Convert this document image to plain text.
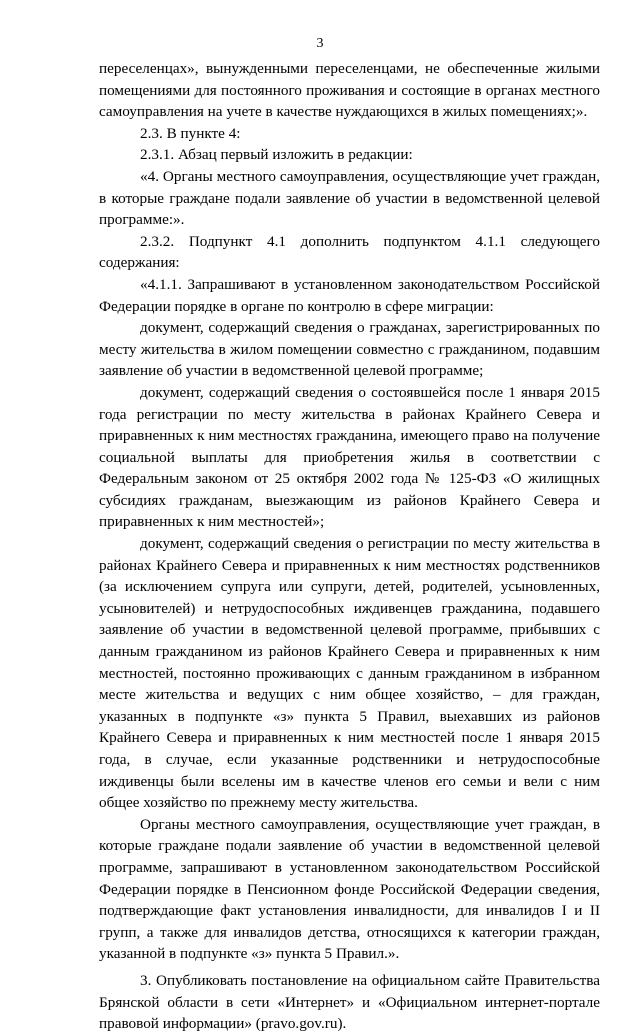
3

переселенцах», вынужденными переселенцами, не обеспеченные жилыми помещениями для постоянного проживания и состоящие в органах местного самоуправления на учете в качестве нуждающихся в жилых помещениях;».

2.3. В пункте 4:

2.3.1. Абзац первый изложить в редакции:

«4. Органы местного самоуправления, осуществляющие учет граждан, в которые граждане подали заявление об участии в ведомственной целевой программе:».

2.3.2. Подпункт 4.1 дополнить подпунктом 4.1.1 следующего содержания:

«4.1.1. Запрашивают в установленном законодательством Российской Федерации порядке в органе по контролю в сфере миграции:

документ, содержащий сведения о гражданах, зарегистрированных по месту жительства в жилом помещении совместно с гражданином, подавшим заявление об участии в ведомственной целевой программе;

документ, содержащий сведения о состоявшейся после 1 января 2015 года регистрации по месту жительства в районах Крайнего Севера и приравненных к ним местностях гражданина, имеющего право на получение социальной выплаты для приобретения жилья в соответствии с Федеральным законом от 25 октября 2002 года № 125-ФЗ «О жилищных субсидиях гражданам, выезжающим из районов Крайнего Севера и приравненных к ним местностей»;

документ, содержащий сведения о регистрации по месту жительства в районах Крайнего Севера и приравненных к ним местностях родственников (за исключением супруга или супруги, детей, родителей, усыновленных, усыновителей) и нетрудоспособных иждивенцев гражданина, подавшего заявление об участии в ведомственной целевой программе, прибывших с данным гражданином из районов Крайнего Севера и приравненных к ним местностей, постоянно проживающих с данным гражданином в избранном месте жительства и ведущих с ним общее хозяйство, – для граждан, указанных в подпункте «з» пункта 5 Правил, выехавших из районов Крайнего Севера и приравненных к ним местностей после 1 января 2015 года, в случае, если указанные родственники и нетрудоспособные иждивенцы были вселены им в качестве членов его семьи и вели с ним общее хозяйство по прежнему месту жительства.

Органы местного самоуправления, осуществляющие учет граждан, в которые граждане подали заявление об участии в ведомственной целевой программе, запрашивают в установленном законодательством Российской Федерации порядке в Пенсионном фонде Российской Федерации сведения, подтверждающие факт установления инвалидности, для инвалидов I и II групп, а также для инвалидов детства, относящихся к категории граждан, указанной в подпункте «з» пункта 5 Правил.».

3. Опубликовать постановление на официальном сайте Правительства Брянской области в сети «Интернет» и «Официальном интернет-портале правовой информации» (pravo.gov.ru).
